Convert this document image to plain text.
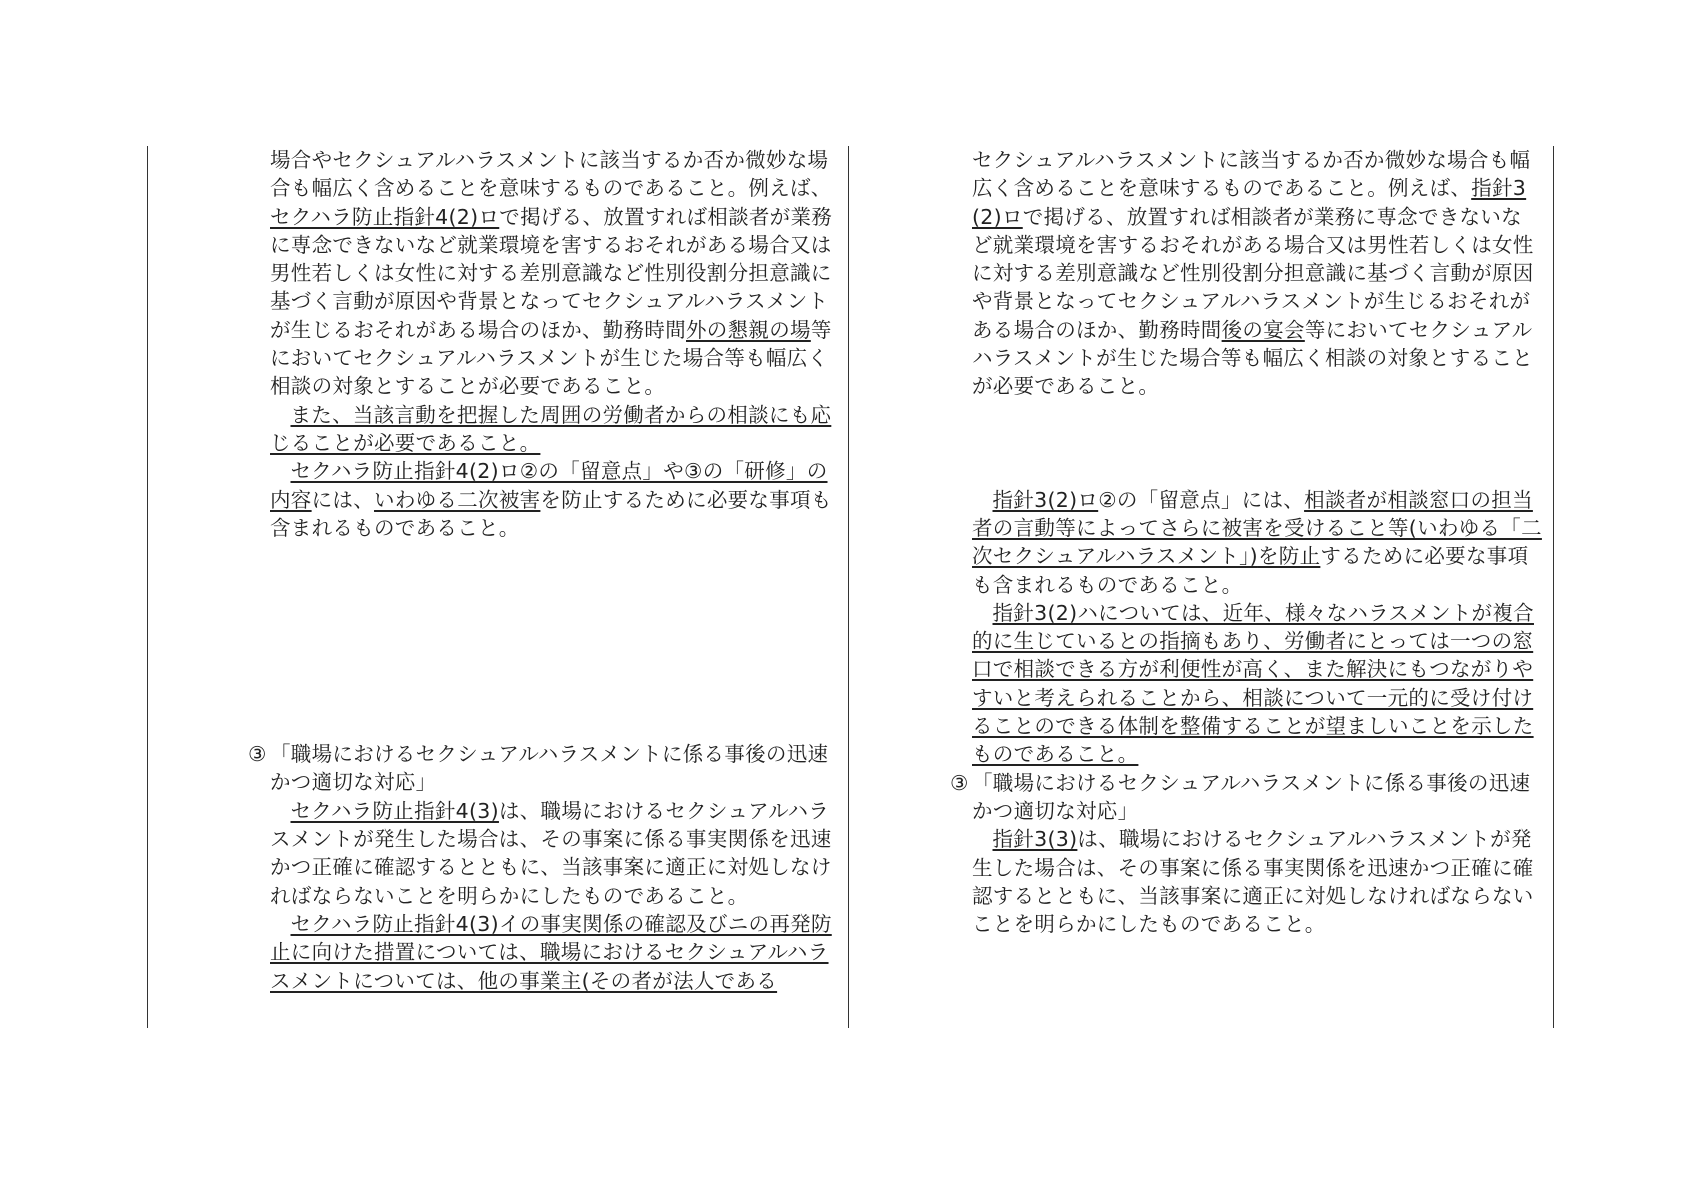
場合やセクシュアルハラスメントに該当するか否か微妙な場合も幅広く含めることを意味するものであること。例えば、セクハラ防止指針4(2)ロで掲げる、放置すれば相談者が業務に専念できないなど就業環境を害するおそれがある場合又は男性若しくは女性に対する差別意識など性別役割分担意識に基づく言動が原因や背景となってセクシュアルハラスメントが生じるおそれがある場合のほか、勤務時間外の懇親の場等においてセクシュアルハラスメントが生じた場合等も幅広く相談の対象とすることが必要であること。

また、当該言動を把握した周囲の労働者からの相談にも応じることが必要であること。

セクハラ防止指針4(2)ロ②の「留意点」や③の「研修」の内容には、いわゆる二次被害を防止するために必要な事項も含まれるものであること。

③ 「職場におけるセクシュアルハラスメントに係る事後の迅速かつ適切な対応」

セクハラ防止指針4(3)は、職場におけるセクシュアルハラスメントが発生した場合は、その事案に係る事実関係を迅速かつ正確に確認するとともに、当該事案に適正に対処しなければならないことを明らかにしたものであること。

セクハラ防止指針4(3)イの事実関係の確認及びニの再発防止に向けた措置については、職場におけるセクシュアルハラスメントについては、他の事業主(その者が法人である

セクシュアルハラスメントに該当するか否か微妙な場合も幅広く含めることを意味するものであること。例えば、指針3(2)ロで掲げる、放置すれば相談者が業務に専念できないなど就業環境を害するおそれがある場合又は男性若しくは女性に対する差別意識など性別役割分担意識に基づく言動が原因や背景となってセクシュアルハラスメントが生じるおそれがある場合のほか、勤務時間後の宴会等においてセクシュアルハラスメントが生じた場合等も幅広く相談の対象とすることが必要であること。

指針3(2)ロ②の「留意点」には、相談者が相談窓口の担当者の言動等によってさらに被害を受けること等(いわゆる「二次セクシュアルハラスメント」)を防止するために必要な事項も含まれるものであること。

指針3(2)ハについては、近年、様々なハラスメントが複合的に生じているとの指摘もあり、労働者にとっては一つの窓口で相談できる方が利便性が高く、また解決にもつながりやすいと考えられることから、相談について一元的に受け付けることのできる体制を整備することが望ましいことを示したものであること。

③ 「職場におけるセクシュアルハラスメントに係る事後の迅速かつ適切な対応」

指針3(3)は、職場におけるセクシュアルハラスメントが発生した場合は、その事案に係る事実関係を迅速かつ正確に確認するとともに、当該事案に適正に対処しなければならないことを明らかにしたものであること。
